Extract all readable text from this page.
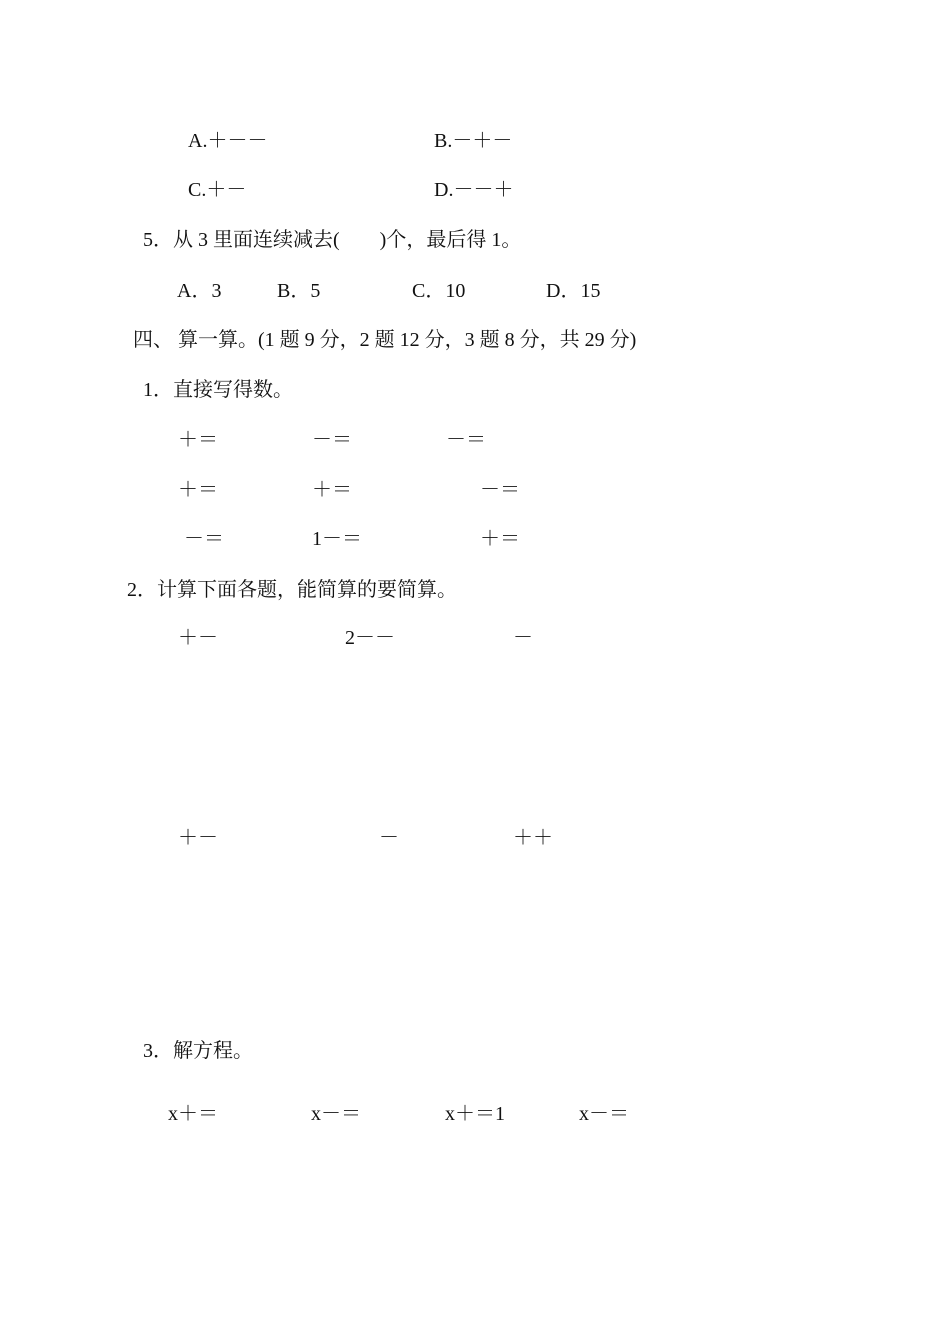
A.＋－－	B.－＋－
C.＋－	D.－－＋
5．从 3 里面连续减去(　　)个，最后得 1。
A．3	B．5	C．10	D．15
四、 算一算。(1 题 9 分，2 题 12 分，3 题 8 分，共 29 分)
1．直接写得数。
＋＝	－＝	－＝
＋＝	＋＝	－＝
－＝	1－＝	＋＝
2．计算下面各题，能简算的要简算。
＋－	2－－	－
＋－	－	＋＋
3．解方程。
x＋＝	x－＝	x＋＝1	x－＝
